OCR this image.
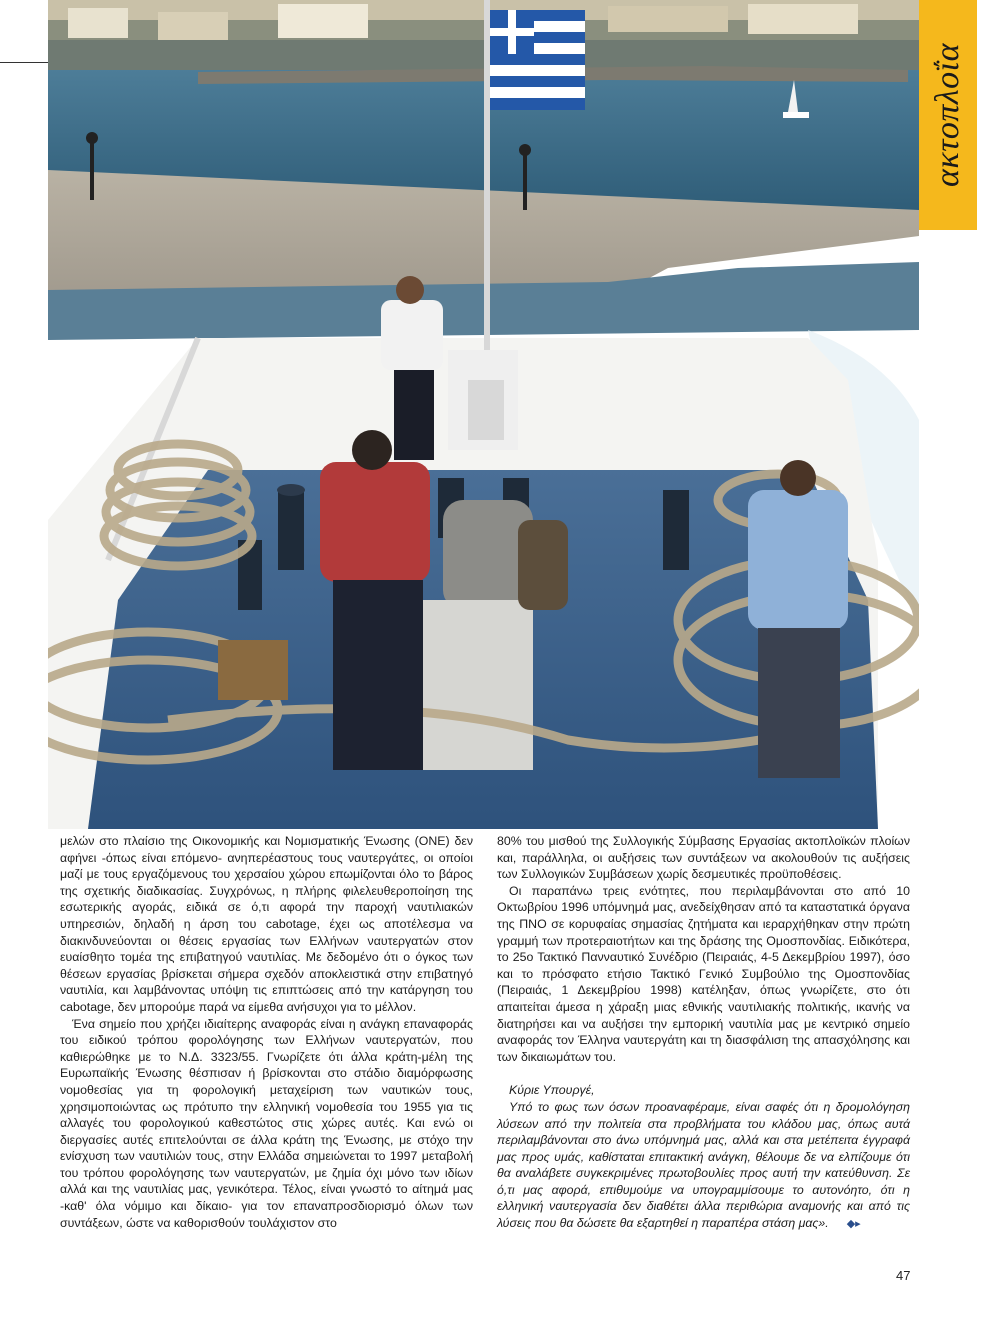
ακτοπλοΐα

μελών στο πλαίσιο της Οικονομικής και Νομισματικής Ένωσης (ΟΝΕ) δεν αφήνει -όπως είναι επόμενο- ανηπερέαστους τους ναυτεργάτες, οι οποίοι μαζί με τους εργαζόμενους του χερσαίου χώρου επωμίζονται όλο το βάρος της σχετικής διαδικασίας. Συγχρόνως, η πλήρης φιλελευθεροποίηση της εσωτερικής αγοράς, ειδικά σε ό,τι αφορά την παροχή ναυτιλιακών υπηρεσιών, δηλαδή η άρση του cabotage, έχει ως αποτέλεσμα να διακινδυνεύονται οι θέσεις εργασίας των Ελλήνων ναυτεργατών στον ευαίσθητο τομέα της επιβατηγού ναυτιλίας. Με δεδομένο ότι ο όγκος των θέσεων εργασίας βρίσκεται σήμερα σχεδόν αποκλειστικά στην επιβατηγό ναυτιλία, και λαμβάνοντας υπόψη τις επιπτώσεις από την κατάργηση του cabotage, δεν μπορούμε παρά να είμεθα ανήσυχοι για το μέλλον.

Ένα σημείο που χρήζει ιδιαίτερης αναφοράς είναι η ανάγκη επαναφοράς του ειδικού τρόπου φορολόγησης των Ελλήνων ναυτεργατών, που καθιερώθηκε με το Ν.Δ. 3323/55. Γνωρίζετε ότι άλλα κράτη-μέλη της Ευρωπαϊκής Ένωσης θέσπισαν ή βρίσκονται στο στάδιο διαμόρφωσης νομοθεσίας για τη φορολογική μεταχείριση των ναυτικών τους, χρησιμοποιώντας ως πρότυπο την ελληνική νομοθεσία του 1955 για τις αλλαγές του φορολογικού καθεστώτος στις χώρες αυτές. Και ενώ οι διεργασίες αυτές επιτελούνται σε άλλα κράτη της Ένωσης, με στόχο την ενίσχυση των ναυτιλιών τους, στην Ελλάδα σημειώνεται το 1997 μεταβολή του τρόπου φορολόγησης των ναυτεργατών, με ζημία όχι μόνο των ιδίων αλλά και της ναυτιλίας μας, γενικότερα. Τέλος, είναι γνωστό το αίτημά μας -καθ' όλα νόμιμο και δίκαιο- για τον επαναπροσδιορισμό όλων των συντάξεων, ώστε να καθορισθούν τουλάχιστον στο

80% του μισθού της Συλλογικής Σύμβασης Εργασίας ακτοπλοϊκών πλοίων και, παράλληλα, οι αυξήσεις των συντάξεων να ακολουθούν τις αυξήσεις των Συλλογικών Συμβάσεων χωρίς δεσμευτικές προϋποθέσεις.

Οι παραπάνω τρεις ενότητες, που περιλαμβάνονται στο από 10 Οκτωβρίου 1996 υπόμνημά μας, ανεδείχθησαν από τα καταστατικά όργανα της ΠΝΟ σε κορυφαίας σημασίας ζητήματα και ιεραρχήθηκαν στην πρώτη γραμμή των προτεραιοτήτων και της δράσης της Ομοσπονδίας. Ειδικότερα, το 25ο Τακτικό Πανναυτικό Συνέδριο (Πειραιάς, 4-5 Δεκεμβρίου 1997), όσο και το πρόσφατο ετήσιο Τακτικό Γενικό Συμβούλιο της Ομοσπονδίας (Πειραιάς, 1 Δεκεμβρίου 1998) κατέληξαν, όπως γνωρίζετε, στο ότι απαιτείται άμεσα η χάραξη μιας εθνικής ναυτιλιακής πολιτικής, ικανής να διατηρήσει και να αυξήσει την εμπορική ναυτιλία μας με κεντρικό σημείο αναφοράς τον Έλληνα ναυτεργάτη και τη διασφάλιση της απασχόλησης και των δικαιωμάτων του.

Κύριε Υπουργέ,

Υπό το φως των όσων προαναφέραμε, είναι σαφές ότι η δρομολόγηση λύσεων από την πολιτεία στα προβλήματα του κλάδου μας, όπως αυτά περιλαμβάνονται στο άνω υπόμνημά μας, αλλά και στα μετέπειτα έγγραφά μας προς υμάς, καθίσταται επιτακτική ανάγκη, θέλουμε δε να ελπίζουμε ότι θα αναλάβετε συγκεκριμένες πρωτοβουλίες προς αυτή την κατεύθυνση. Σε ό,τι μας αφορά, επιθυμούμε να υπογραμμίσουμε το αυτονόητο, ότι η ελληνική ναυτεργασία δεν διαθέτει άλλα περιθώρια αναμονής και από τις λύσεις που θα δώσετε θα εξαρτηθεί η παραπέρα στάση μας». ◆▸

47
